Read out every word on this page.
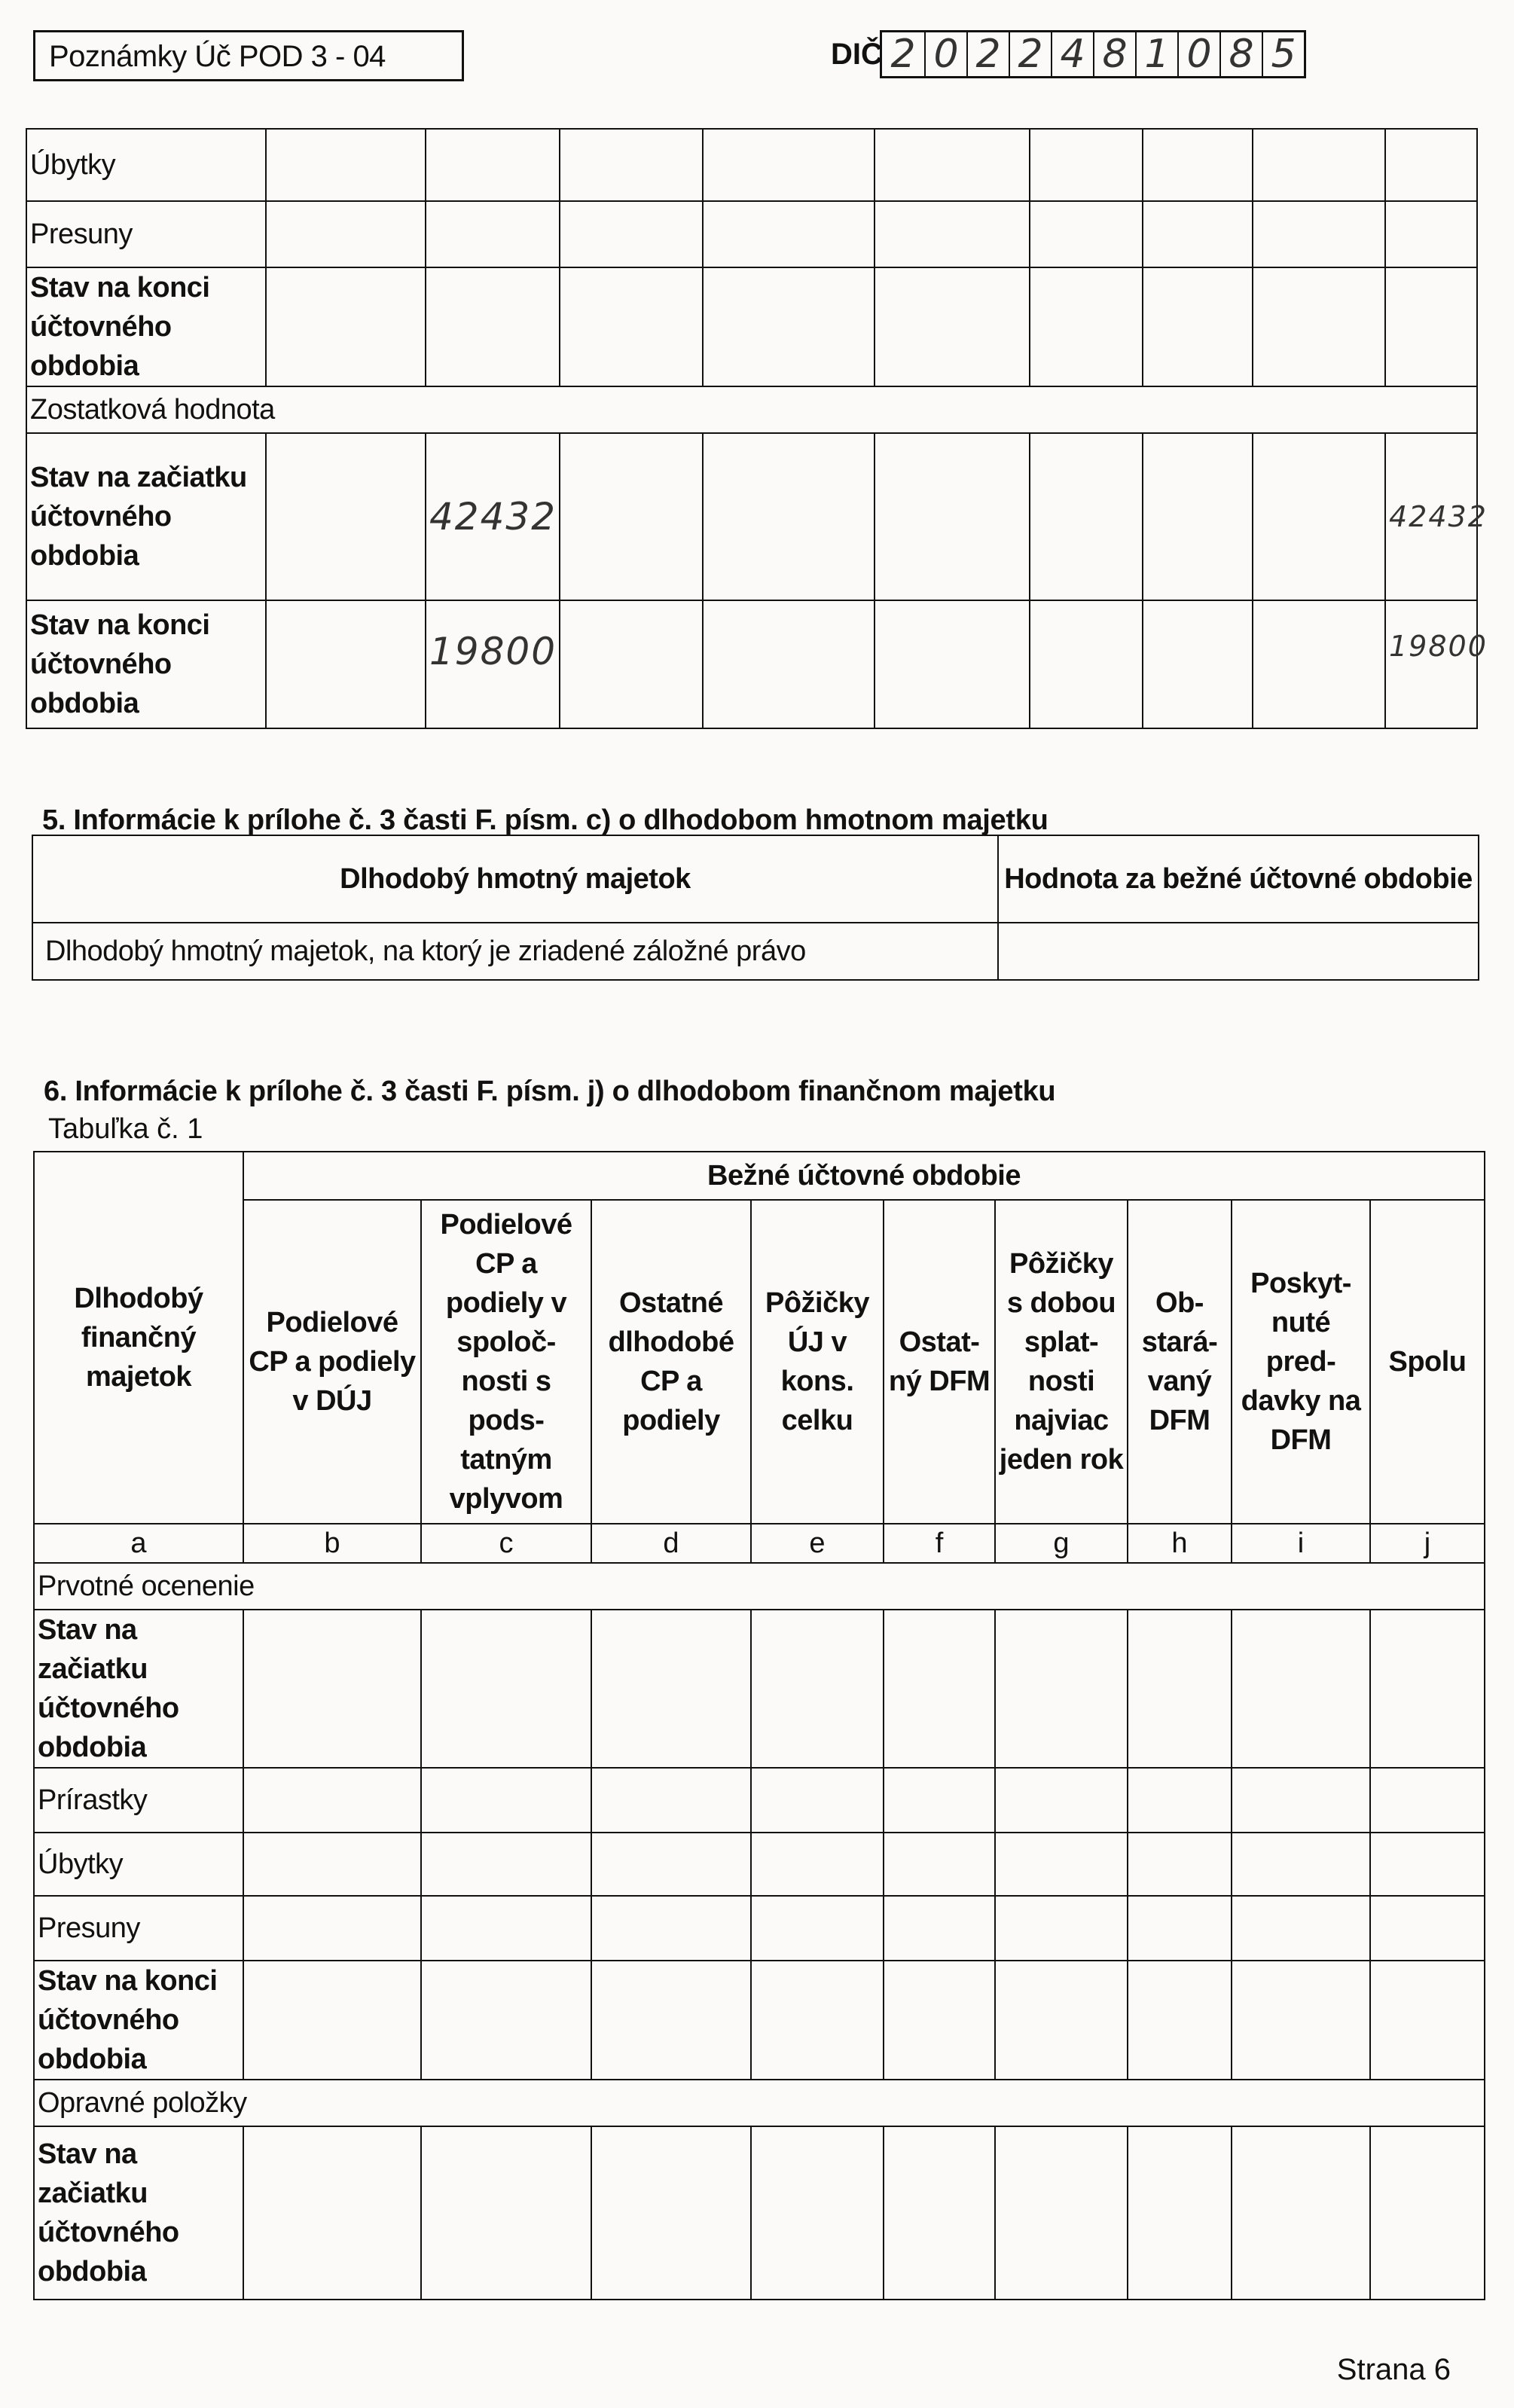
Poznámky Úč POD 3 - 04	DIČ 2 0 2 2 4 8 1 0 8 5
Úbytky									
Presuny									
Stav na konci účtovného obdobia									
Zostatková hodnota									
Stav na začiatku účtovného obdobia		42432							42432
Stav na konci účtovného obdobia		19800							19800
5. Informácie k prílohe č. 3 časti F. písm. c) o dlhodobom hmotnom majetku
Dlhodobý hmotný majetok	Hodnota za bežné účtovné obdobie
Dlhodobý hmotný majetok, na ktorý je zriadené záložné právo	
6. Informácie k prílohe č. 3 časti F. písm. j) o dlhodobom finančnom majetku
Tabuľka č. 1
Dlhodobý finančný majetok	Bežné účtovné obdobie								
	Podielové CP a podiely v DÚJ	Podielové CP a podiely v spoloč- nosti s pods- tatným vplyvom	Ostatné dlhodobé CP a podiely	Pôžičky ÚJ v kons. celku	Ostat- ný DFM	Pôžičky s dobou splat- nosti najviac jeden rok	Ob- stará- vaný DFM	Poskyt- nuté pred- davky na DFM	Spolu
a	b	c	d	e	f	g	h	i	j
Prvotné ocenenie									
Stav na začiatku účtovného obdobia									
Prírastky									
Úbytky									
Presuny									
Stav na konci účtovného obdobia									
Opravné položky									
Stav na začiatku účtovného obdobia									
Strana 6
